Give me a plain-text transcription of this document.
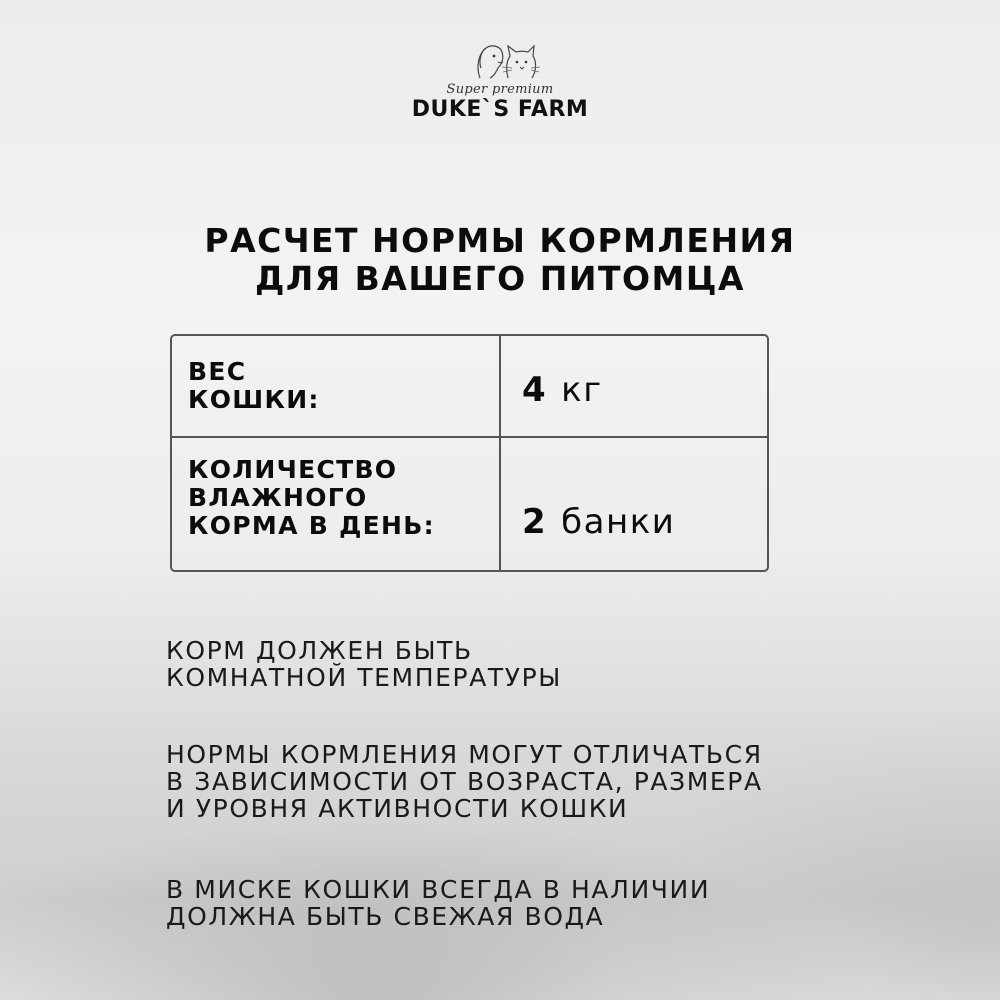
Super premium
DUKE`S FARM
РАСЧЕТ НОРМЫ КОРМЛЕНИЯ
ДЛЯ ВАШЕГО ПИТОМЦА
ВЕС
КОШКИ:	4 кг
КОЛИЧЕСТВО
ВЛАЖНОГО
КОРМА В ДЕНЬ:	2 банки
КОРМ ДОЛЖЕН БЫТЬ
КОМНАТНОЙ ТЕМПЕРАТУРЫ
НОРМЫ КОРМЛЕНИЯ МОГУТ ОТЛИЧАТЬСЯ
В ЗАВИСИМОСТИ ОТ ВОЗРАСТА, РАЗМЕРА
И УРОВНЯ АКТИВНОСТИ КОШКИ
В МИСКЕ КОШКИ ВСЕГДА В НАЛИЧИИ
ДОЛЖНА БЫТЬ СВЕЖАЯ ВОДА
